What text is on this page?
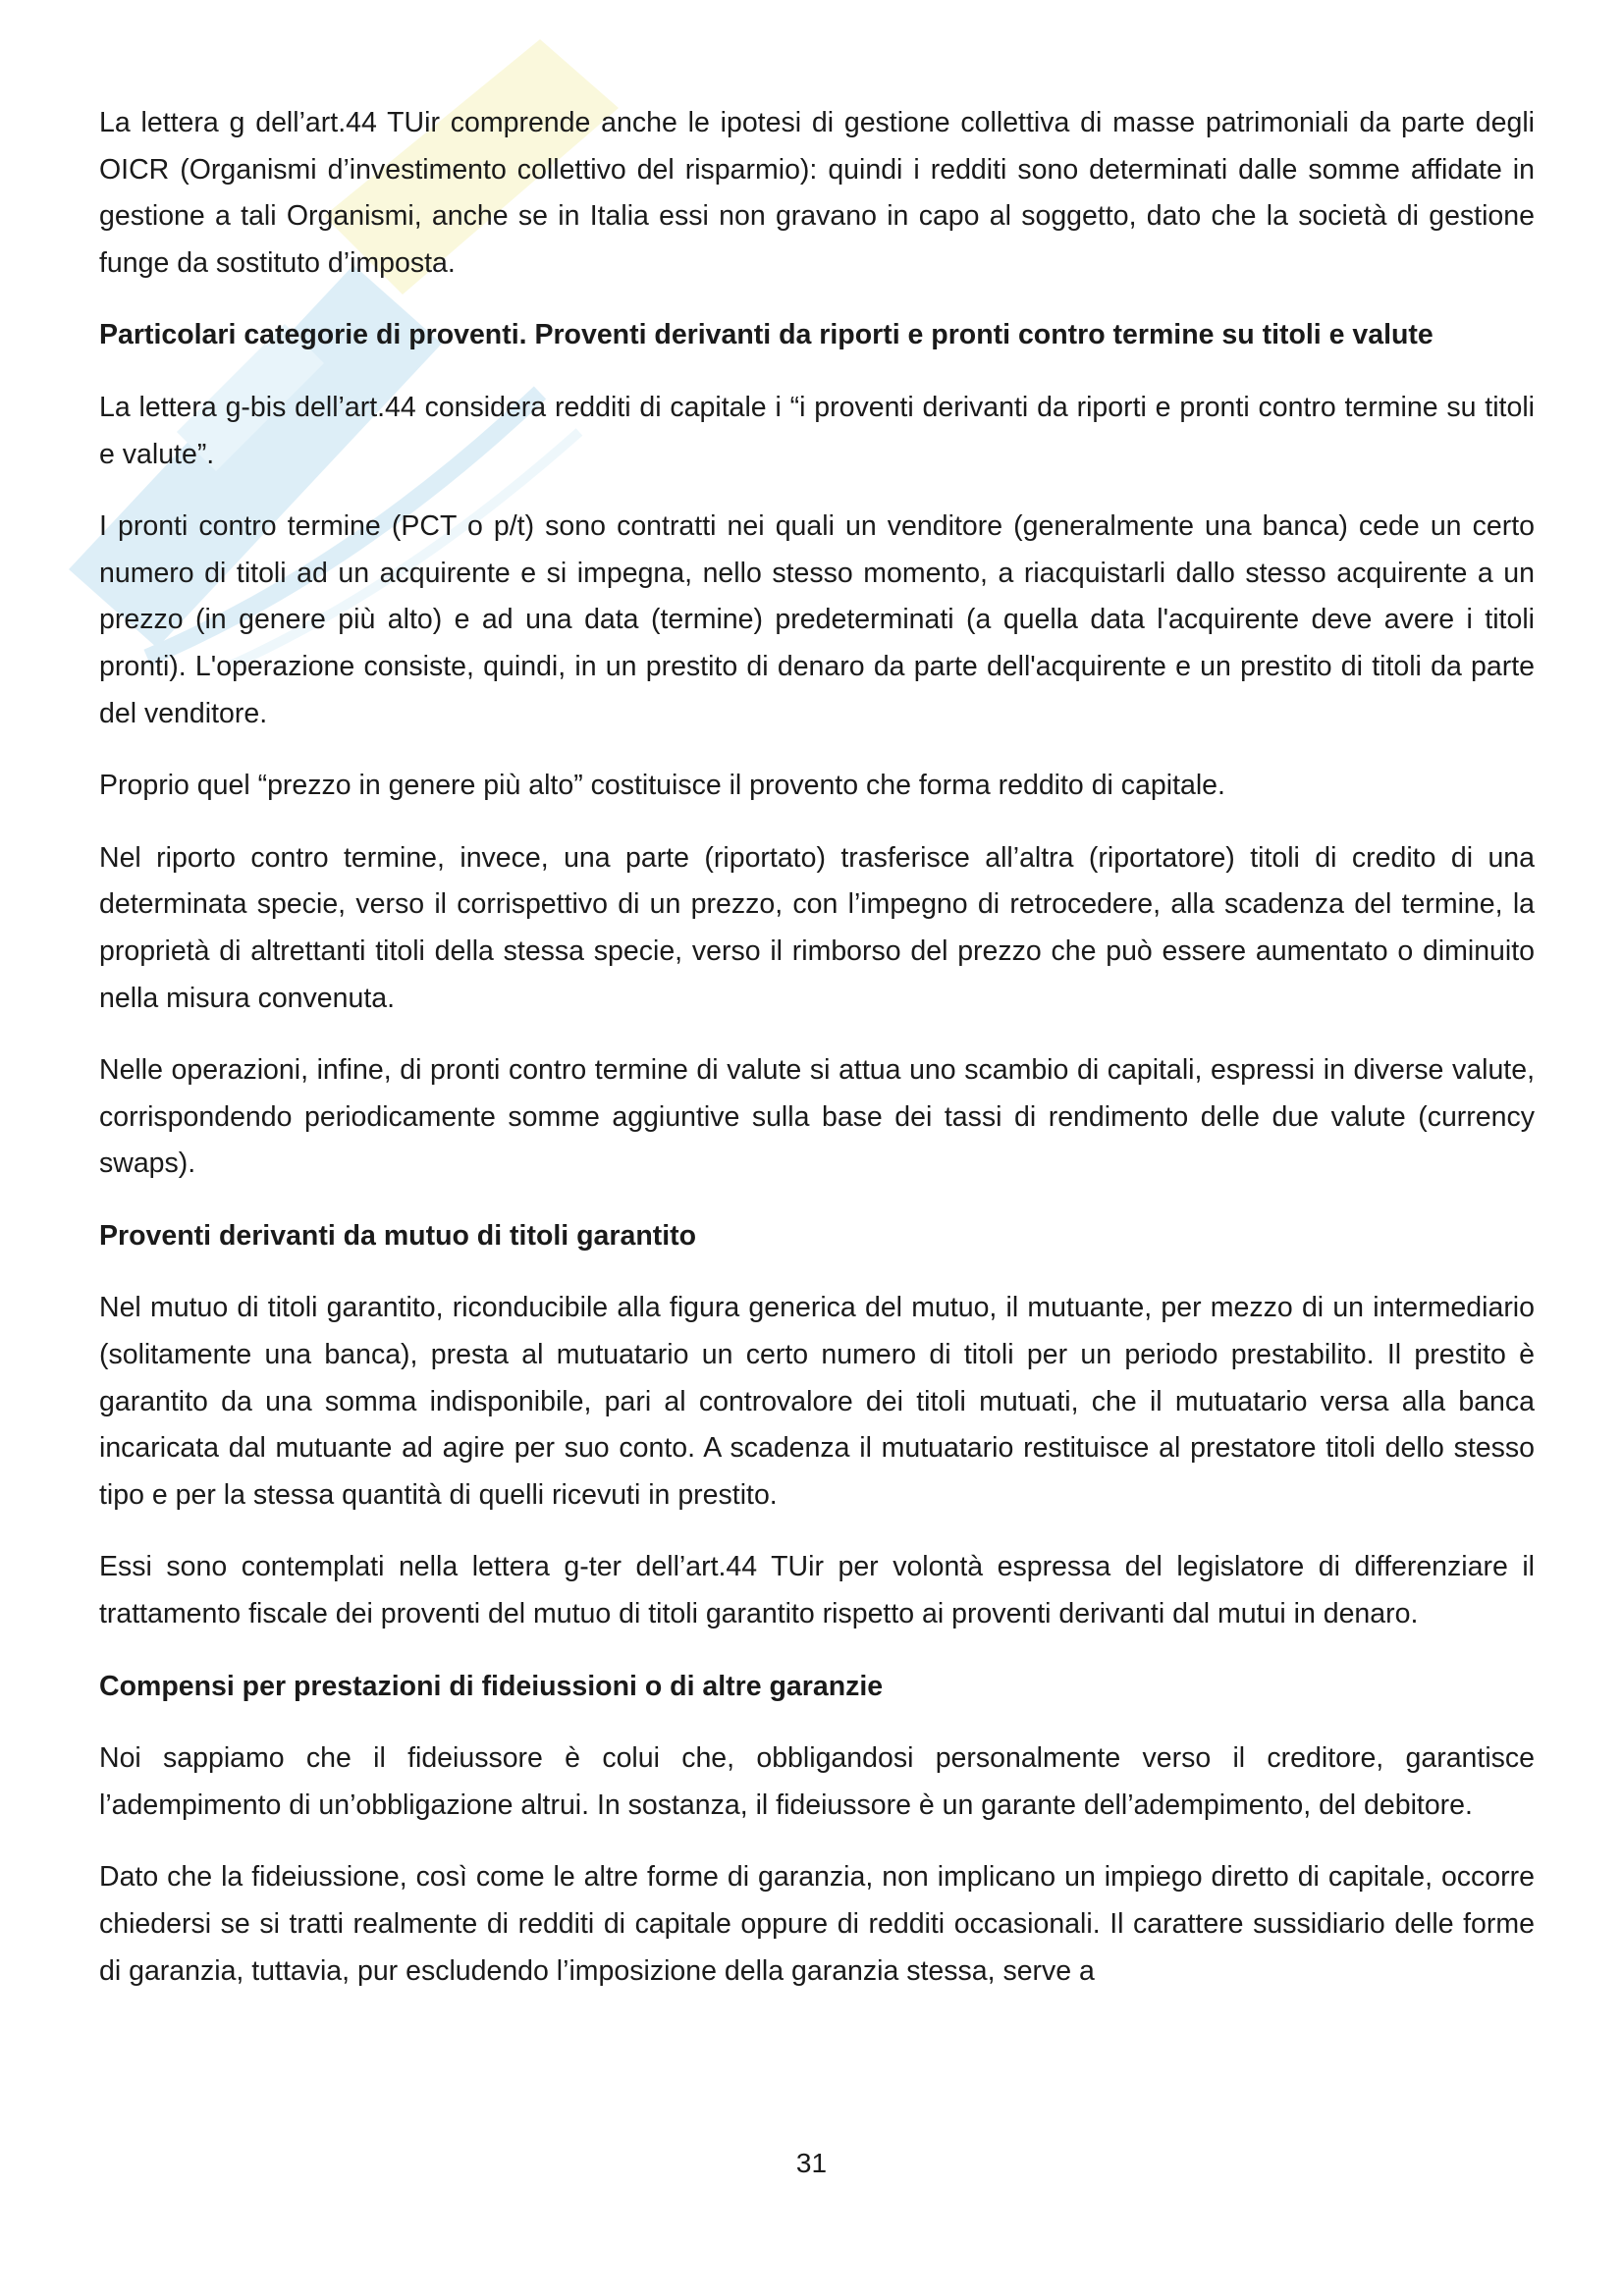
La lettera g dell’art.44 TUir comprende anche le ipotesi di gestione collettiva di masse patrimoniali da parte degli OICR (Organismi d’investimento collettivo del risparmio): quindi i redditi sono determinati dalle somme affidate in gestione a tali Organismi, anche se in Italia essi non gravano in capo al soggetto, dato che la società di gestione funge da sostituto d’imposta.

Particolari categorie di proventi. Proventi derivanti da riporti e pronti contro termine su titoli e valute

La lettera g-bis dell’art.44 considera redditi di capitale i “i proventi derivanti da riporti e pronti contro termine su titoli e valute”.

I pronti contro termine (PCT o p/t) sono contratti nei quali un venditore (generalmente una banca) cede un certo numero di titoli ad un acquirente e si impegna, nello stesso momento, a riacquistarli dallo stesso acquirente a un prezzo (in genere più alto) e ad una data (termine) predeterminati (a quella data l'acquirente deve avere i titoli pronti). L'operazione consiste, quindi, in un prestito di denaro da parte dell'acquirente e un prestito di titoli da parte del venditore.

Proprio quel “prezzo in genere più alto” costituisce il provento che forma reddito di capitale.

Nel riporto contro termine, invece, una parte (riportato) trasferisce all’altra (riportatore) titoli di credito di una determinata specie, verso il corrispettivo di un prezzo, con l’impegno di retrocedere, alla scadenza del termine, la proprietà di altrettanti titoli della stessa specie, verso il rimborso del prezzo che può essere aumentato o diminuito nella misura convenuta.

Nelle operazioni, infine, di pronti contro termine di valute si attua uno scambio di capitali, espressi in diverse valute, corrispondendo periodicamente somme aggiuntive sulla base dei tassi di rendimento delle due valute (currency swaps).

Proventi derivanti da mutuo di titoli garantito

Nel mutuo di titoli garantito, riconducibile alla figura generica del mutuo, il mutuante, per mezzo di un intermediario (solitamente una banca), presta al mutuatario un certo numero di titoli per un periodo prestabilito. Il prestito è garantito da una somma indisponibile, pari al controvalore dei titoli mutuati, che il mutuatario versa alla banca incaricata dal mutuante ad agire per suo conto. A scadenza il mutuatario restituisce al prestatore titoli dello stesso tipo e per la stessa quantità di quelli ricevuti in prestito.

Essi sono contemplati nella lettera g-ter dell’art.44 TUir per volontà espressa del legislatore di differenziare il trattamento fiscale dei proventi del mutuo di titoli garantito rispetto ai proventi derivanti dal mutui in denaro.

Compensi per prestazioni di fideiussioni o di altre garanzie

Noi sappiamo che il fideiussore è colui che, obbligandosi personalmente verso il creditore, garantisce l’adempimento di un’obbligazione altrui. In sostanza, il fideiussore è un garante dell’adempimento, del debitore.

Dato che la fideiussione, così come le altre forme di garanzia, non implicano un impiego diretto di capitale, occorre chiedersi se si tratti realmente di redditi di capitale oppure di redditi occasionali. Il carattere sussidiario delle forme di garanzia, tuttavia, pur escludendo l’imposizione della garanzia stessa, serve a

31
